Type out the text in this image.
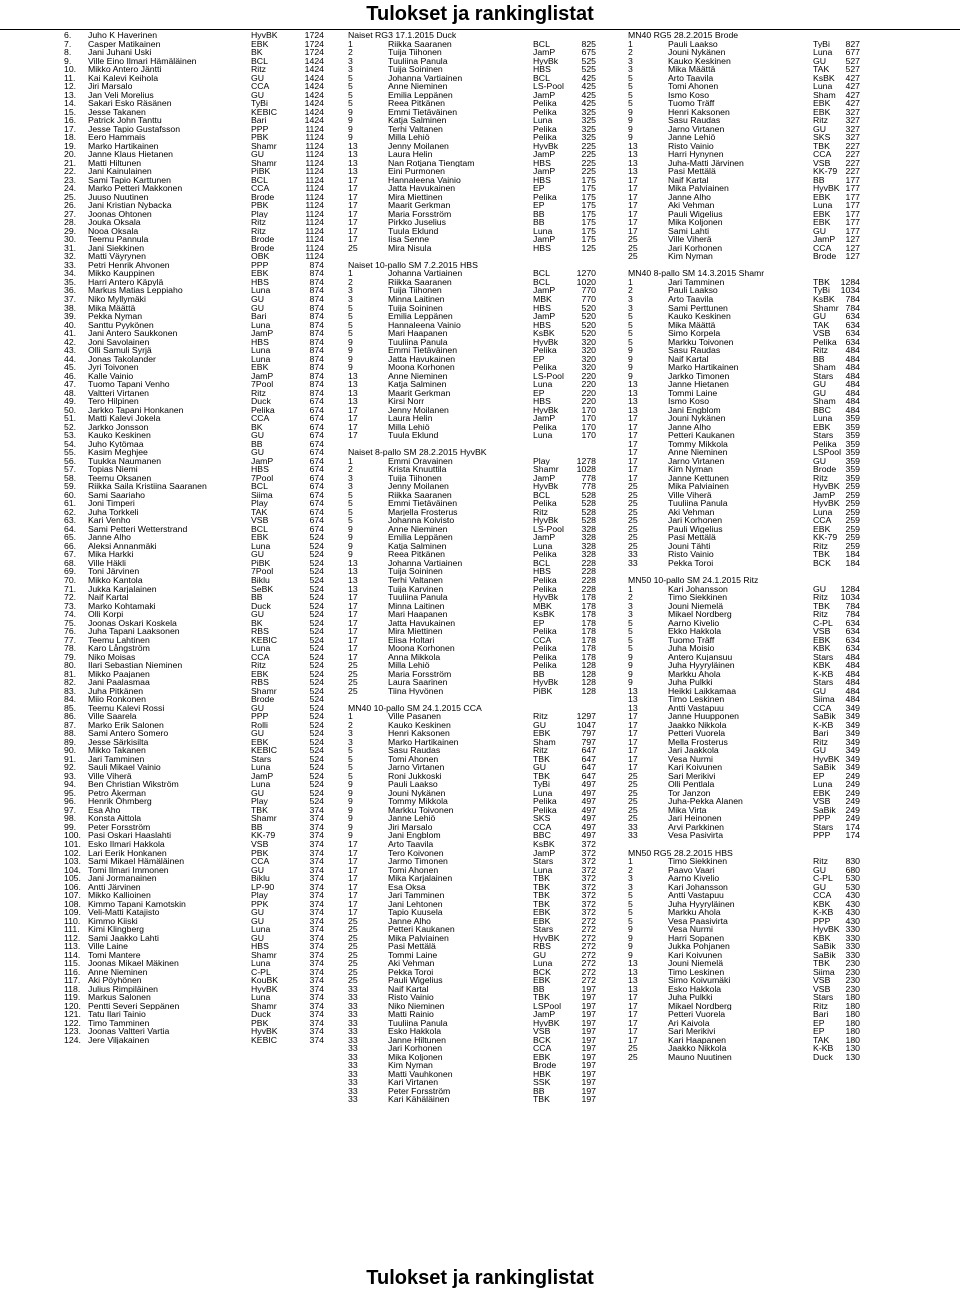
Tulokset ja rankinglistat
6.	Juho K Haverinen	HyvBK	1724
7.	Casper Matikainen	EBK	1724
8.	Jani Juhani Uski	BK	1724
9.	Ville Eino Ilmari Hämäläinen	BCL	1424
10.	Mikko Antero Jäntti	Ritz	1424
11.	Kai Kalevi Keihola	GU	1424
12.	Jiri Marsalo	CCA	1424
13.	Jan Veli Morelius	GU	1424
14.	Sakari Esko Räsänen	TyBi	1424
15.	Jesse Takanen	KEBIC	1424
16.	Patrick John Tanttu	Bari	1424
17.	Jesse Tapio Gustafsson	PPP	1124
18.	Eero Hammais	PBK	1124
19.	Marko Hartikainen	Shamr	1124
20.	Janne Klaus Hietanen	GU	1124
21.	Matti Hiltunen	Shamr	1124
22.	Jani Kainulainen	PiBK	1124
23.	Sami Tapio Karttunen	BCL	1124
24.	Marko Petteri Makkonen	CCA	1124
25.	Juuso Nuutinen	Brode	1124
26.	Jani Kristian Nybacka	PBK	1124
27.	Joonas Ohtonen	Play	1124
28.	Jouka Oksala	Ritz	1124
29.	Nooa Oksala	Ritz	1124
30.	Teemu Pannula	Brode	1124
31.	Jani Siekkinen	Brode	1124
32.	Matti Väyrynen	OBK	1124
33.	Petri Henrik Ahvonen	PPP	874
34.	Mikko Kauppinen	EBK	874
35.	Harri Antero Käpylä	HBS	874
36.	Markus Matias Leppiaho	Luna	874
37.	Niko Myllymäki	GU	874
38.	Mika Määttä	GU	874
39.	Pekka Nyman	Bari	874
40.	Santtu Pyykönen	Luna	874
41.	Jani Antero Saukkonen	JamP	874
42.	Joni Savolainen	HBS	874
43.	Olli Samuli Syrjä	Luna	874
44.	Jonas Takolander	Luna	874
45.	Jyri Toivonen	EBK	874
46.	Kalle Vainio	JamP	874
47.	Tuomo Tapani Venho	7Pool	874
48.	Valtteri Virtanen	Ritz	874
49.	Tero Hilpinen	Duck	674
50.	Jarkko Tapani Honkanen	Pelika	674
51.	Matti Kalevi Jokela	CCA	674
52.	Jarkko Jonsson	BK	674
53.	Kauko Keskinen	GU	674
54.	Juho Kytömaa	BB	674
55.	Kasim Meghjee	GU	674
56.	Tuukka Naumanen	JamP	674
57.	Topias Niemi	HBS	674
58.	Teemu Oksanen	7Pool	674
59.	Riikka Saila Kristiina Saaranen	BCL	674
60.	Sami Saariaho	Siima	674
61.	Joni Timperi	Play	674
62.	Juha Torkkeli	TAK	674
63.	Kari Venho	VSB	674
64.	Sami Petteri Wetterstrand	BCL	674
65.	Janne Alho	EBK	524
66.	Aleksi Annanmäki	Luna	524
67.	Mika Harkki	GU	524
68.	Ville Häkli	PiBK	524
69.	Toni Järvinen	7Pool	524
70.	Mikko Kantola	Biklu	524
71.	Jukka Karjalainen	SeBK	524
72.	Naif Kartal	BB	524
73.	Marko Kohtamaki	Duck	524
74.	Olli Korpi	GU	524
75.	Joonas Oskari Koskela	BK	524
76.	Juha Tapani Laaksonen	RBS	524
77.	Teemu Lahtinen	KEBIC	524
78.	Karo Långström	Luna	524
79.	Niko Moisas	CCA	524
80.	Ilari Sebastian Nieminen	Ritz	524
81.	Mikko Paajanen	EBK	524
82.	Jani Paalasmaa	RBS	524
83.	Juha Pitkänen	Shamr	524
84.	Miio Ronkonen	Brode	524
85.	Teemu Kalevi Rossi	GU	524
86.	Ville Saarela	PPP	524
87.	Marko Erik Salonen	Rolli	524
88.	Sami Antero Somero	GU	524
89.	Jesse Särkisilta	EBK	524
90.	Mikko Takanen	KEBIC	524
91.	Jari Tamminen	Stars	524
92.	Sauli Mikael Vainio	Luna	524
93.	Ville Viherä	JamP	524
94.	Ben Christian Wikström	Luna	524
95.	Petro Åkerman	GU	524
96.	Henrik Öhmberg	Play	524
97.	Esa Aho	TBK	374
98.	Konsta Aittola	Shamr	374
99.	Peter Forsström	BB	374
100. Pasi Oskari Haaslahti	KK-79	374
101. Esko Ilmari Hakkola	VSB	374
102. Lari Eerik Honkanen	PBK	374
103. Sami Mikael Hämäläinen	CCA	374
104. Tomi Ilmari Immonen	GU	374
105. Jani Jormanainen	Biklu	374
106. Antti Järvinen	LP-90	374
107. Mikko Kallioinen	Play	374
108. Kimmo Tapani Kamotskin	PPK	374
109. Veli-Matti Katajisto	GU	374
110. Kimmo Kiiski	GU	374
111. Kimi Klingberg	Luna	374
112. Sami Jaakko Lahti	GU	374
113. Ville Laine	HBS	374
114. Tomi Mantere	Shamr	374
115. Joonas Mikael Mäkinen	Luna	374
116. Anne Nieminen	C-PL	374
117. Aki Pöyhönen	KouBK	374
118. Julius Rimpiläinen	HyvBK	374
119. Markus Salonen	Luna	374
120. Pentti Severi Seppänen	Shamr	374
121. Tatu Ilari Tainio	Duck	374
122. Timo Tamminen	PBK	374
123. Joonas Valtteri Vartia	HyvBK	374
124. Jere Viljakainen	KEBIC	374
Naiset RG3 17.1.2015 Duck
1	Riikka Saaranen	BCL	825
2	Tuija Tiihonen	JamP	675
3	Tuuliina Panula	HyvBk	525
3	Tuija Soininen	HBS	525
5	Johanna Vartiainen	BCL	425
5	Anne Nieminen	LS-Pool	425
5	Emilia Leppänen	JamP	425
5	Reea Pitkänen	Pelika	425
9	Emmi Tietäväinen	Pelika	325
9	Katja Salminen	Luna	325
9	Terhi Valtanen	Pelika	325
9	Milla Lehiö	Pelika	325
13	Jenny Moilanen	HyvBk	225
13	Laura Helin	JamP	225
13	Nan Rotjana Tiengtam	HBS	225
13	Eini Purmonen	JamP	225
17	Hannaleena Vainio	HBS	175
17	Jatta Havukainen	EP	175
17	Mira Miettinen	Pelika	175
17	Maarit Gerkman	EP	175
17	Maria Forsström	BB	175
17	Pirkko Juselius	BB	175
17	Tuula Eklund	Luna	175
17	Iisa Senne	JamP	175
25	Mira Nisula	HBS	125
Naiset 10-pallo SM 7.2.2015 HBS
1	Johanna Vartiainen	BCL	1270
2	Riikka Saaranen	BCL	1020
3	Tuija Tiihonen	JamP	770
3	Minna Laitinen	MBK	770
5	Tuija Soininen	HBS	520
5	Emilia Leppänen	JamP	520
5	Hannaleena Vainio	HBS	520
5	Mari Haapanen	KsBK	520
9	Tuuliina Panula	HyvBk	320
9	Emmi Tietäväinen	Pelika	320
9	Jatta Havukainen	EP	320
9	Moona Korhonen	Pelika	320
13	Anne Nieminen	LS-Pool	220
13	Katja Salminen	Luna	220
13	Maarit Gerkman	EP	220
13	Kirsi Norr	HBS	220
17	Jenny Moilanen	HyvBk	170
17	Laura Helin	JamP	170
17	Milla Lehiö	Pelika	170
17	Tuula Eklund	Luna	170
Naiset 8-pallo SM 28.2.2015 HyvBK
1	Emmi Oravainen	Play	1278
2	Krista Knuuttila	Shamr	1028
3	Tuija Tiihonen	JamP	778
3	Jenny Moilanen	HyvBk	778
5	Riikka Saaranen	BCL	528
5	Emmi Tietäväinen	Pelika	528
5	Marjella Frosterus	Ritz	528
5	Johanna Koivisto	HyvBk	528
9	Anne Nieminen	LS-Pool	328
9	Emilia Leppänen	JamP	328
9	Katja Salminen	Luna	328
9	Reea Pitkänen	Pelika	328
13	Johanna Vartiainen	BCL	228
13	Tuija Soininen	HBS	228
13	Terhi Valtanen	Pelika	228
13	Tuija Karvinen	Pelika	228
17	Tuuliina Panula	HyvBk	178
17	Minna Laitinen	MBK	178
17	Mari Haapanen	KsBK	178
17	Jatta Havukainen	EP	178
17	Mira Miettinen	Pelika	178
17	Elisa Holtari	CCA	178
17	Moona Korhonen	Pelika	178
17	Anna Mikkola	Pelika	178
25	Milla Lehiö	Pelika	128
25	Maria Forsström	BB	128
25	Laura Saarinen	HyvBk	128
25	Tiina Hyvönen	PiBK	128
MN40 10-pallo SM 24.1.2015 CCA
1	Ville Pasanen	Ritz	1297
2	Kauko Keskinen	GU	1047
3	Henri Kaksonen	EBK	797
3	Marko Hartikainen	Sham	797
5	Sasu Raudas	Ritz	647
5	Tomi Ahonen	TBK	647
5	Jarno Virtanen	GU	647
5	Roni Jukkoski	TBK	647
9	Pauli Laakso	TyBi	497
9	Jouni Nykänen	Luna	497
9	Tommy Mikkola	Pelika	497
9	Markku Toivonen	Pelika	497
9	Janne Lehiö	SKS	497
9	Jiri Marsalo	CCA	497
9	Jani Engblom	BBC	497
17	Arto Taavila	KsBK	372
17	Tero Koivonen	JamP	372
17	Jarmo Timonen	Stars	372
17	Tomi Ahonen	Luna	372
17	Mika Karjalainen	TBK	372
17	Esa Oksa	TBK	372
17	Jari Tamminen	TBK	372
17	Jani Lehtonen	TBK	372
17	Tapio Kuusela	EBK	372
25	Janne Alho	EBK	272
25	Petteri Kaukanen	Stars	272
25	Mika Palviainen	HyvBK	272
25	Pasi Mettälä	RBS	272
25	Tommi Laine	GU	272
25	Aki Vehman	Luna	272
25	Pekka Toroi	BCK	272
25	Pauli Wigelius	EBK	272
33	Naif Kartal	BB	197
33	Risto Vainio	TBK	197
33	Niko Nieminen	LSPool	197
33	Matti Rainio	JamP	197
33	Tuuliina Panula	HyvBK	197
33	Esko Hakkola	VSB	197
33	Janne Hiltunen	BCK	197
33	Jari Korhonen	CCA	197
33	Mika Koljonen	EBK	197
33	Kim Nyman	Brode	197
33	Matti Vauhkonen	HBK	197
33	Kari Virtanen	SSK	197
33	Peter Forsström	BB	197
33	Kari Kähäläinen	TBK	197
MN40 RG5 28.2.2015 Brode
1	Pauli Laakso	TyBi	827
2	Jouni Nykänen	Luna	677
3	Kauko Keskinen	GU	527
3	Mika Määttä	TAK	527
5	Arto Taavila	KsBK	427
5	Tomi Ahonen	Luna	427
5	Ismo Koso	Sham	427
5	Tuomo Träff	EBK	427
9	Henri Kaksonen	EBK	327
9	Sasu Raudas	Ritz	327
9	Jarno Virtanen	GU	327
9	Janne Lehiö	SKS	327
13	Risto Vainio	TBK	227
13	Harri Hynynen	CCA	227
13	Juha-Matti Järvinen	VSB	227
13	Pasi Mettälä	KK-79 227
17	Naif Kartal	BB	177
17	Mika Palviainen	HyvBK 177
17	Janne Alho	EBK	177
17	Aki Vehman	Luna	177
17	Pauli Wigelius	EBK	177
17	Mika Koljonen	EBK	177
17	Sami Lahti	GU	177
25	Ville Viherä	JamP	127
25	Jari Korhonen	CCA	127
25	Kim Nyman	Brode	127
MN40 8-pallo SM 14.3.2015 Shamr
1	Jari Tamminen	TBK	1284
2	Pauli Laakso	TyBi	1034
3	Arto Taavila	KsBK	784
3	Sami Perttunen	Shamr 784
5	Kauko Keskinen	GU	634
5	Mika Määttä	TAK	634
5	Simo Korpela	VSB	634
5	Markku Toivonen	Pelika	634
9	Sasu Raudas	Ritz	484
9	Naif Kartal	BB	484
9	Marko Hartikainen	Sham	484
9	Jarkko Timonen	Stars	484
13	Janne Hietanen	GU	484
13	Tommi Laine	GU	484
13	Ismo Koso	Sham	484
13	Jani Engblom	BBC	484
17	Jouni Nykänen	Luna	359
17	Janne Alho	EBK	359
17	Petteri Kaukanen	Stars	359
17	Tommy Mikkola	Pelika	359
17	Anne Nieminen	LSPool 359
17	Jarno Virtanen	GU	359
17	Kim Nyman	Brode	359
17	Janne Kettunen	Ritz	359
25	Mika Palviainen	HyvBK 259
25	Ville Viherä	JamP	259
25	Tuuliina Panula	HyvBK 259
25	Aki Vehman	Luna	259
25	Jari Korhonen	CCA	259
25	Pauli Wigelius	EBK	259
25	Pasi Mettälä	KK-79 259
25	Jouni Tähti	Ritz	259
33	Risto Vainio	TBK	184
33	Pekka Toroi	BCK	184
MN50 10-pallo SM 24.1.2015 Ritz
1	Kari Johansson	GU	1284
2	Timo Siekkinen	Ritz	1034
3	Jouni Niemelä	TBK	784
3	Mikael Nordberg	Ritz	784
5	Aarno Kivelio	C-PL	634
5	Ekko Hakkola	VSB	634
5	Tuomo Träff	EBK	634
5	Juha Moisio	KBK	634
9	Antero Kujansuu	Stars	484
9	Juha Hyyryläinen	KBK	484
9	Markku Ahola	K-KB	484
9	Juha Pulkki	Stars	484
13	Heikki Laikkamaa	GU	484
13	Timo Leskinen	Siima	484
13	Antti Vastapuu	CCA	349
17	Janne Huupponen	SaBik	349
17	Jaakko Nikkola	K-KB	349
17	Petteri Vuorela	Bari	349
17	Mella Frosterus	Ritz	349
17	Jari Jaakkola	GU	349
17	Vesa Nurmi	HyvBK 349
17	Kari Koivunen	SaBik	349
25	Sari Merikivi	EP	249
25	Olli Pentlala	Luna	249
25	Tor Janzon	EBK	249
25	Juha-Pekka Alanen	VSB	249
25	Mika Virta	SaBik	249
25	Jari Heinonen	PPP	249
33	Arvi Parkkinen	Stars	174
33	Vesa Pasivirta	PPP	174
MN50 RG5 28.2.2015 HBS
1	Timo Siekkinen	Ritz	830
2	Paavo Vaari	GU	680
3	Aarno Kivelio	C-PL	530
3	Kari Johansson	GU	530
5	Antti Vastapuu	CCA	430
5	Juha Hyyryläinen	KBK	430
5	Markku Ahola	K-KB	430
5	Vesa Paasivirta	PPP	430
9	Vesa Nurmi	HyvBK 330
9	Harri Sopanen	KBK	330
9	Jukka Pohjanen	SaBik	330
9	Kari Koivunen	SaBik	330
13	Jouni Niemelä	TBK	230
13	Timo Leskinen	Siima	230
13	Simo Koivumäki	VSB	230
13	Esko Hakkola	VSB	230
17	Juha Pulkki	Stars	180
17	Mikael Nordberg	Ritz	180
17	Petteri Vuorela	Bari	180
17	Ari Kaivola	EP	180
17	Sari Merikivi	EP	180
17	Kari Haapanen	TAK	180
25	Jaakko Nikkola	K-KB	130
25	Mauno Nuutinen	Duck	130
Tulokset ja rankinglistat
